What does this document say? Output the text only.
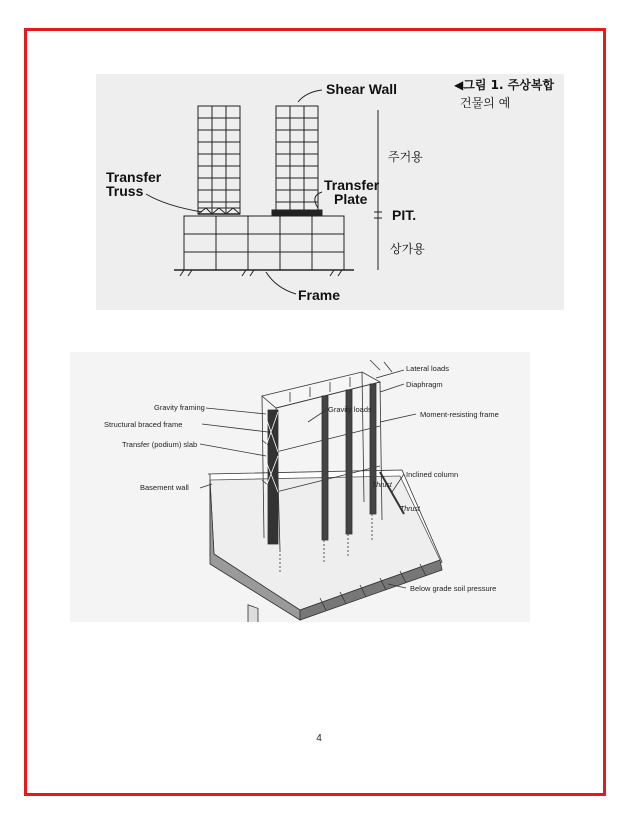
Shear Wall
Transfer
Truss	Transfer
Plate
PIT.
Frame
주거용
상가용
◀그림 1. 주상복합
건물의 예
Lateral loads
Diaphragm
Gravity framing	Gravity loads
Moment-resisting frame
Structural braced frame
Transfer (podium) slab
Basement wall
Inclined column
Below grade soil pressure
Thrust
Thrust
4
